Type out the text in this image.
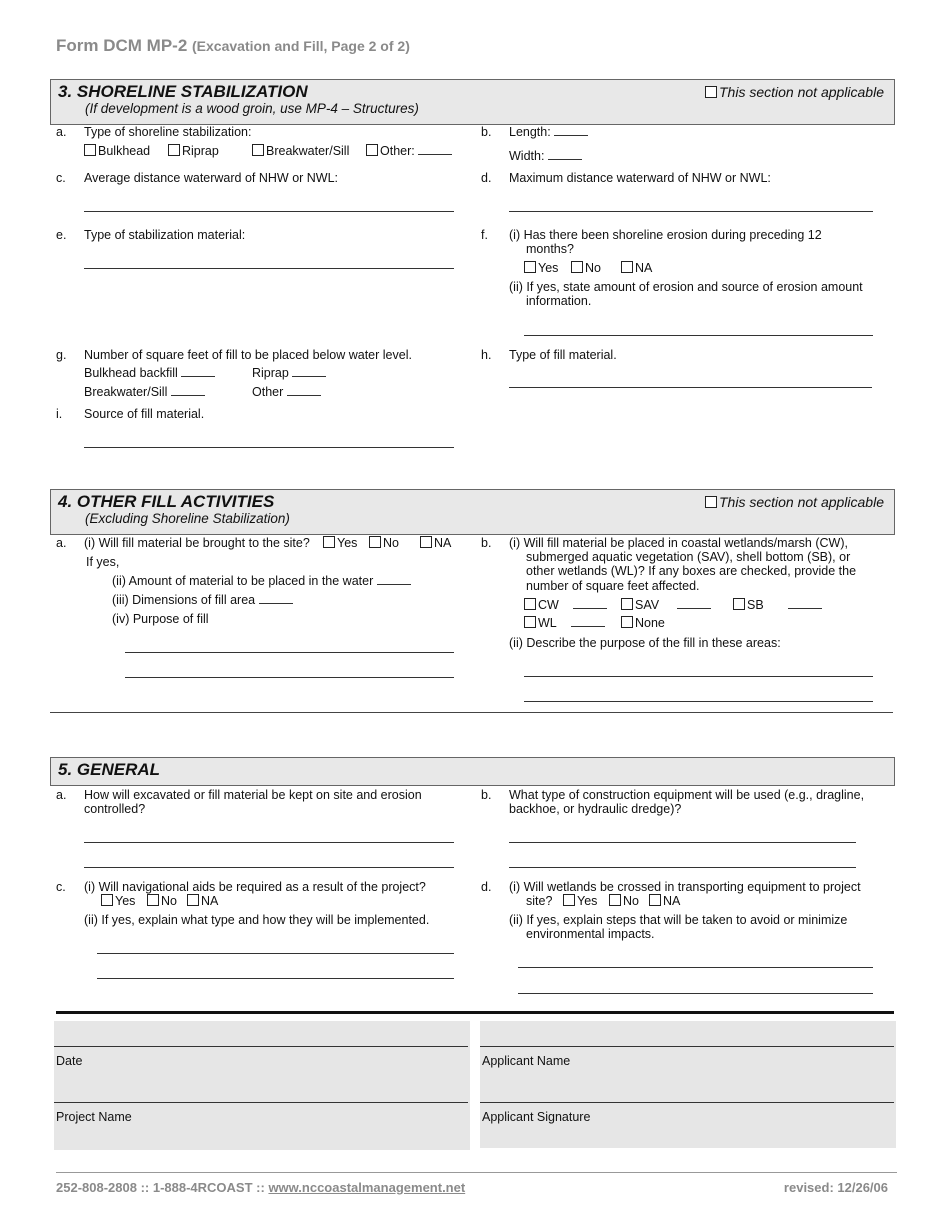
Form DCM MP-2 (Excavation and Fill, Page 2 of 2)
3. SHORELINE STABILIZATION
(If development is a wood groin, use MP-4 – Structures)
This section not applicable
a. Type of shoreline stabilization:
Bulkhead	Riprap	Breakwater/Sill	Other:
b. Length:
Width:
c. Average distance waterward of NHW or NWL:	d. Maximum distance waterward of NHW or NWL:
e. Type of stabilization material:	f. (i) Has there been shoreline erosion during preceding 12
months?
Yes	No	NA
(ii) If yes, state amount of erosion and source of erosion amount
information.
g. Number of square feet of fill to be placed below water level.
Bulkhead backfill	Riprap
Breakwater/Sill	Other
h. Type of fill material.
i. Source of fill material.
4. OTHER FILL ACTIVITIES
(Excluding Shoreline Stabilization)
This section not applicable
a. (i) Will fill material be brought to the site?	Yes	No	NA
If yes,
(ii) Amount of material to be placed in the water
(iii) Dimensions of fill area
(iv) Purpose of fill
b. (i) Will fill material be placed in coastal wetlands/marsh (CW),
submerged aquatic vegetation (SAV), shell bottom (SB), or
other wetlands (WL)? If any boxes are checked, provide the
number of square feet affected.
CW	SAV	SB
WL	None
(ii) Describe the purpose of the fill in these areas:
5. GENERAL
a. How will excavated or fill material be kept on site and erosion
controlled?
b. What type of construction equipment will be used (e.g., dragline,
backhoe, or hydraulic dredge)?
c. (i) Will navigational aids be required as a result of the project?
Yes	No	NA
(ii) If yes, explain what type and how they will be implemented.
d. (i) Will wetlands be crossed in transporting equipment to project
site?	Yes	No	NA
(ii) If yes, explain steps that will be taken to avoid or minimize
environmental impacts.
Date
Project Name
Applicant Name
Applicant Signature
252-808-2808 :: 1-888-4RCOAST :: www.nccoastalmanagement.net	revised: 12/26/06
